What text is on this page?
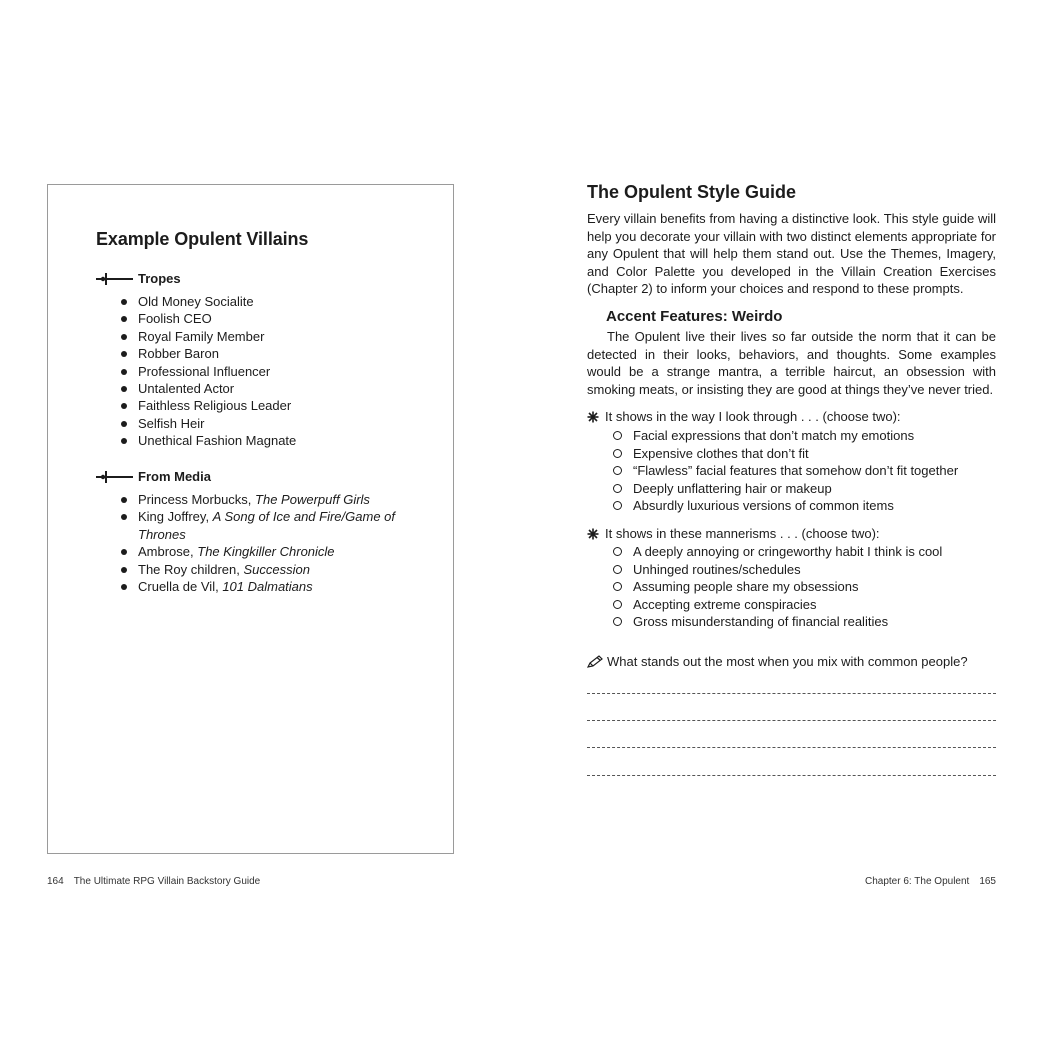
Example Opulent Villains
Tropes
Old Money Socialite
Foolish CEO
Royal Family Member
Robber Baron
Professional Influencer
Untalented Actor
Faithless Religious Leader
Selfish Heir
Unethical Fashion Magnate
From Media
Princess Morbucks, The Powerpuff Girls
King Joffrey, A Song of Ice and Fire/Game of Thrones
Ambrose, The Kingkiller Chronicle
The Roy children, Succession
Cruella de Vil, 101 Dalmatians
164 The Ultimate RPG Villain Backstory Guide
The Opulent Style Guide

Every villain benefits from having a distinctive look. This style guide will help you decorate your villain with two distinct elements appropriate for any Opulent that will help them stand out. Use the Themes, Imagery, and Color Palette you developed in the Villain Creation Exercises (Chapter 2) to inform your choices and respond to these prompts.

Accent Features: Weirdo

The Opulent live their lives so far outside the norm that it can be detected in their looks, behaviors, and thoughts. Some examples would be a strange mantra, a terrible haircut, an obsession with smoking meats, or insisting they are good at things they’ve never tried.

It shows in the way I look through . . . (choose two):
Facial expressions that don’t match my emotions
Expensive clothes that don’t fit
“Flawless” facial features that somehow don’t fit together
Deeply unflattering hair or makeup
Absurdly luxurious versions of common items
It shows in these mannerisms . . . (choose two):
A deeply annoying or cringeworthy habit I think is cool
Unhinged routines/schedules
Assuming people share my obsessions
Accepting extreme conspiracies
Gross misunderstanding of financial realities
What stands out the most when you mix with common people?
Chapter 6: The Opulent 165
